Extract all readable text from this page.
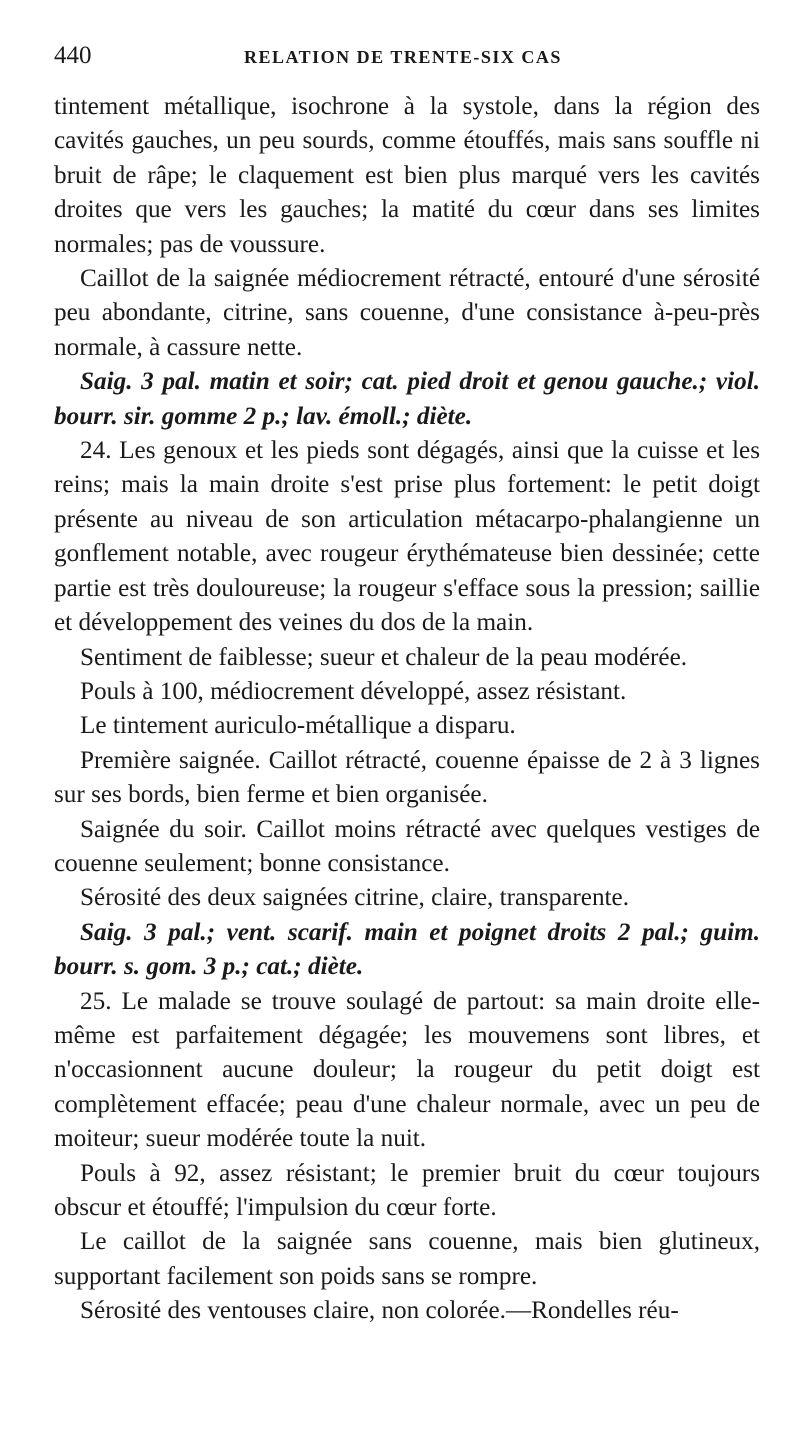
440	RELATION DE TRENTE-SIX CAS

tintement métallique, isochrone à la systole, dans la région des cavités gauches, un peu sourds, comme étouffés, mais sans souffle ni bruit de râpe; le claquement est bien plus marqué vers les cavités droites que vers les gauches; la matité du cœur dans ses limites normales; pas de voussure.

Caillot de la saignée médiocrement rétracté, entouré d'une sérosité peu abondante, citrine, sans couenne, d'une consistance à-peu-près normale, à cassure nette.

Saig. 3 pal. matin et soir; cat. pied droit et genou gauche.; viol. bourr. sir. gomme 2 p.; lav. émoll.; diète.

24. Les genoux et les pieds sont dégagés, ainsi que la cuisse et les reins; mais la main droite s'est prise plus fortement: le petit doigt présente au niveau de son articulation métacarpo-phalangienne un gonflement notable, avec rougeur érythémateuse bien dessinée; cette partie est très douloureuse; la rougeur s'efface sous la pression; saillie et développement des veines du dos de la main.

Sentiment de faiblesse; sueur et chaleur de la peau modérée.

Pouls à 100, médiocrement développé, assez résistant.

Le tintement auriculo-métallique a disparu.

Première saignée. Caillot rétracté, couenne épaisse de 2 à 3 lignes sur ses bords, bien ferme et bien organisée.

Saignée du soir. Caillot moins rétracté avec quelques vestiges de couenne seulement; bonne consistance.

Sérosité des deux saignées citrine, claire, transparente.

Saig. 3 pal.; vent. scarif. main et poignet droits 2 pal.; guim. bourr. s. gom. 3 p.; cat.; diète.

25. Le malade se trouve soulagé de partout: sa main droite elle-même est parfaitement dégagée; les mouvemens sont libres, et n'occasionnent aucune douleur; la rougeur du petit doigt est complètement effacée; peau d'une chaleur normale, avec un peu de moiteur; sueur modérée toute la nuit.

Pouls à 92, assez résistant; le premier bruit du cœur toujours obscur et étouffé; l'impulsion du cœur forte.

Le caillot de la saignée sans couenne, mais bien glutineux, supportant facilement son poids sans se rompre.

Sérosité des ventouses claire, non colorée.—Rondelles réu-
